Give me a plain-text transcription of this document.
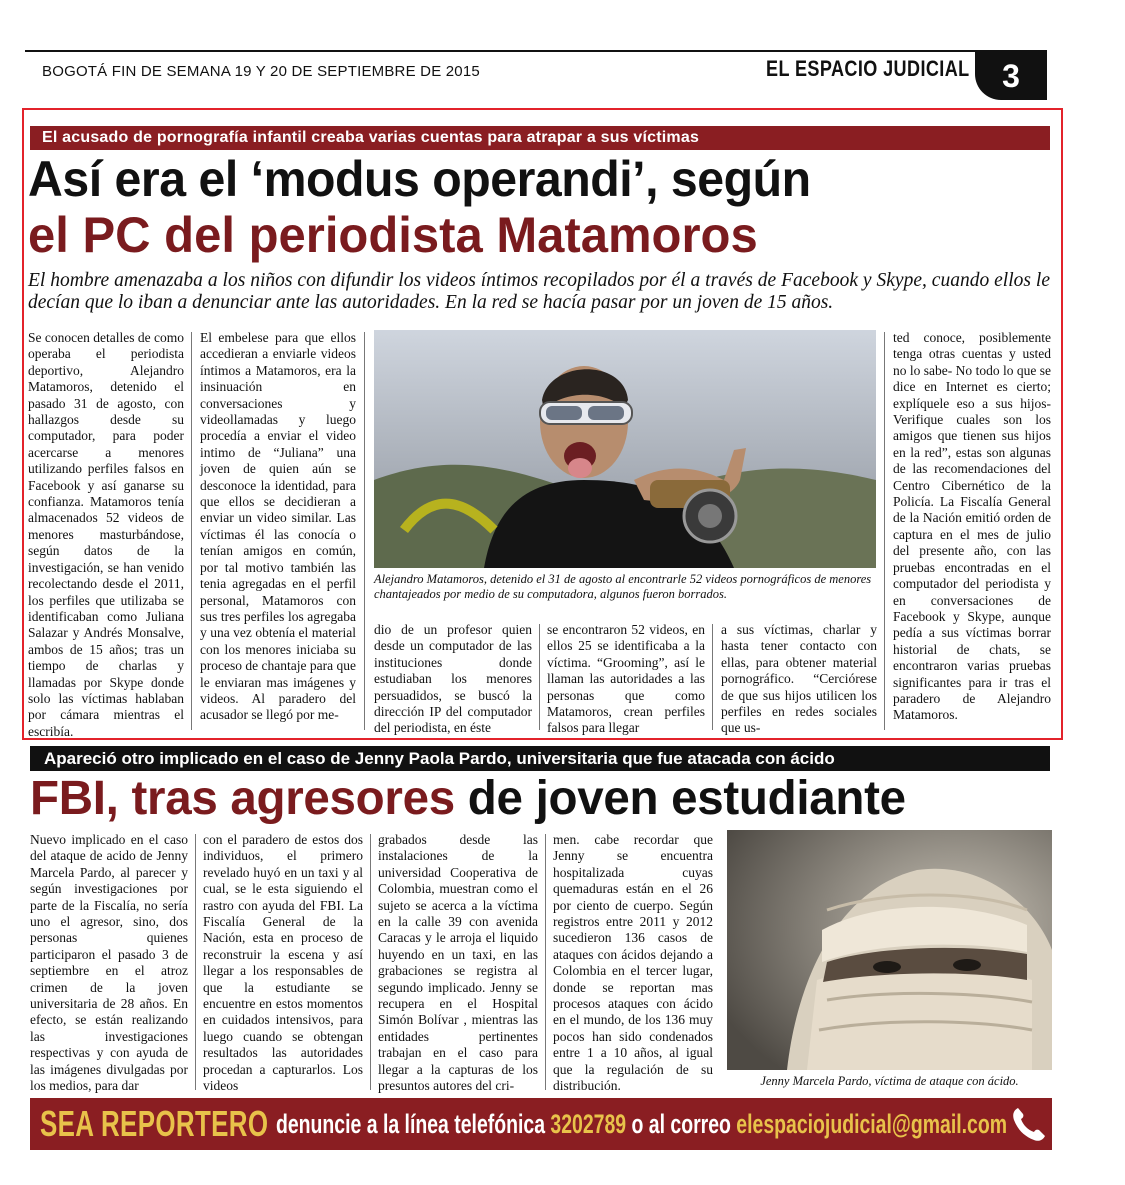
BOGOTÁ FIN DE SEMANA 19 Y 20 DE SEPTIEMBRE DE 2015	EL ESPACIO JUDICIAL	3
El acusado de pornografía infantil creaba varias cuentas para atrapar a sus víctimas
Así era el ‘modus operandi’, según
el PC del periodista Matamoros
El hombre amenazaba a los niños con difundir los videos íntimos recopilados por él a través de Facebook y Skype, cuando ellos le decían que lo iban a denunciar ante las autoridades. En la red se hacía pasar por un joven de 15 años.
Se conocen detalles de como operaba el periodista deportivo, Alejandro Matamoros, detenido el pasado 31 de agosto, con hallazgos desde su computador, para poder acercarse a menores utilizando perfiles falsos en Facebook y así ganarse su confianza. Matamoros tenía almacenados 52 videos de menores masturbándose, según datos de la investigación, se han venido recolectando desde el 2011, los perfiles que utilizaba se identificaban como Juliana Salazar y Andrés Monsalve, ambos de 15 años; tras un tiempo de charlas y llamadas por Skype donde solo las víctimas hablaban por cámara mientras el escribía.
El embelese para que ellos accedieran a enviarle videos íntimos a Matamoros, era la insinuación en conversaciones y videollamadas y luego procedía a enviar el video intimo de “Juliana” una joven de quien aún se desconoce la identidad, para que ellos se decidieran a enviar un video similar. Las víctimas él las conocía o tenían amigos en común, por tal motivo también las tenia agregadas en el perfil personal, Matamoros con sus tres perfiles los agregaba y una vez obtenía el material con los menores iniciaba su proceso de chantaje para que le enviaran mas imágenes y videos. Al paradero del acusador se llegó por me-
Alejandro Matamoros, detenido el 31 de agosto al encontrarle 52 videos pornográficos de menores chantajeados por medio de su computadora, algunos fueron borrados.
dio de un profesor quien desde un computador de las instituciones donde estudiaban los menores persuadidos, se buscó la dirección IP del computador del periodista, en éste
se encontraron 52 videos, en ellos 25 se identificaba a la víctima. “Grooming”, así le llaman las autoridades a las personas que como Matamoros, crean perfiles falsos para llegar
a sus víctimas, charlar y hasta tener contacto con ellas, para obtener material pornográfico. “Cerciórese de que sus hijos utilicen los perfiles en redes sociales que us-
ted conoce, posiblemente tenga otras cuentas y usted no lo sabe- No todo lo que se dice en Internet es cierto; explíquele eso a sus hijos-Verifique cuales son los amigos que tienen sus hijos en la red”, estas son algunas de las recomendaciones del Centro Cibernético de la Policía. La Fiscalía General de la Nación emitió orden de captura en el mes de julio del presente año, con las pruebas encontradas en el computador del periodista y en conversaciones de Facebook y Skype, aunque pedía a sus víctimas borrar historial de chats, se encontraron varias pruebas significantes para ir tras el paradero de Alejandro Matamoros.
Apareció otro implicado en el caso de Jenny Paola Pardo, universitaria que fue atacada con ácido
FBI, tras agresores de joven estudiante
Nuevo implicado en el caso del ataque de acido de Jenny Marcela Pardo, al parecer y según investigaciones por parte de la Fiscalía, no sería uno el agresor, sino, dos personas quienes participaron el pasado 3 de septiembre en el atroz crimen de la joven universitaria de 28 años. En efecto, se están realizando las investigaciones respectivas y con ayuda de las imágenes divulgadas por los medios, para dar
con el paradero de estos dos individuos, el primero revelado huyó en un taxi y al cual, se le esta siguiendo el rastro con ayuda del FBI. La Fiscalía General de la Nación, esta en proceso de reconstruir la escena y así llegar a los responsables de que la estudiante se encuentre en estos momentos en cuidados intensivos, para luego cuando se obtengan resultados las autoridades procedan a capturarlos. Los videos
grabados desde las instalaciones de la universidad Cooperativa de Colombia, muestran como el sujeto se acerca a la víctima en la calle 39 con avenida Caracas y le arroja el liquido huyendo en un taxi, en las grabaciones se registra al segundo implicado. Jenny se recupera en el Hospital Simón Bolívar , mientras las entidades pertinentes trabajan en el caso para llegar a la capturas de los presuntos autores del cri-
men. cabe recordar que Jenny se encuentra hospitalizada cuyas quemaduras están en el 26 por ciento de cuerpo. Según registros entre 2011 y 2012 sucedieron 136 casos de ataques con ácidos dejando a Colombia en el tercer lugar, donde se reportan mas procesos ataques con ácido en el mundo, de los 136 muy pocos han sido condenados entre 1 a 10 años, al igual que la regulación de su distribución.	Jenny Marcela Pardo, víctima de ataque con ácido.
SEA REPORTERO denuncie a la línea telefónica 3202789 o al correo elespaciojudicial@gmail.com
